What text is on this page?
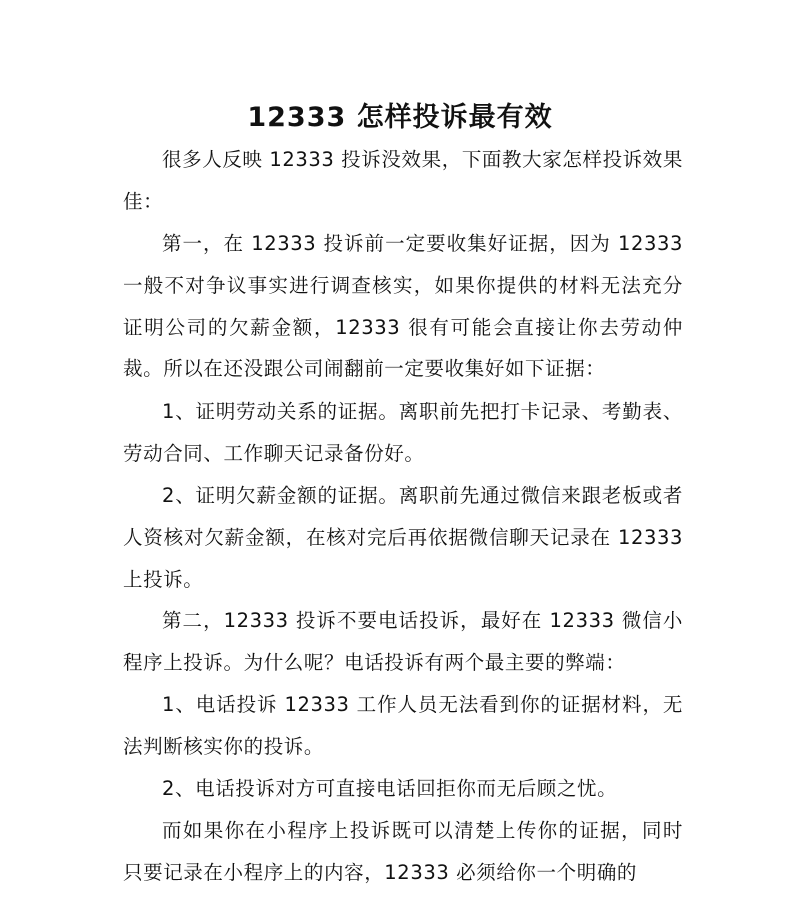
12333 怎样投诉最有效

很多人反映 12333 投诉没效果，下面教大家怎样投诉效果佳：

第一，在 12333 投诉前一定要收集好证据，因为 12333 一般不对争议事实进行调查核实，如果你提供的材料无法充分证明公司的欠薪金额，12333 很有可能会直接让你去劳动仲裁。所以在还没跟公司闹翻前一定要收集好如下证据：

1、证明劳动关系的证据。离职前先把打卡记录、考勤表、劳动合同、工作聊天记录备份好。

2、证明欠薪金额的证据。离职前先通过微信来跟老板或者人资核对欠薪金额，在核对完后再依据微信聊天记录在 12333 上投诉。

第二，12333 投诉不要电话投诉，最好在 12333 微信小程序上投诉。为什么呢？电话投诉有两个最主要的弊端：

1、电话投诉 12333 工作人员无法看到你的证据材料，无法判断核实你的投诉。

2、电话投诉对方可直接电话回拒你而无后顾之忧。

而如果你在小程序上投诉既可以清楚上传你的证据，同时只要记录在小程序上的内容，12333 必须给你一个明确的
